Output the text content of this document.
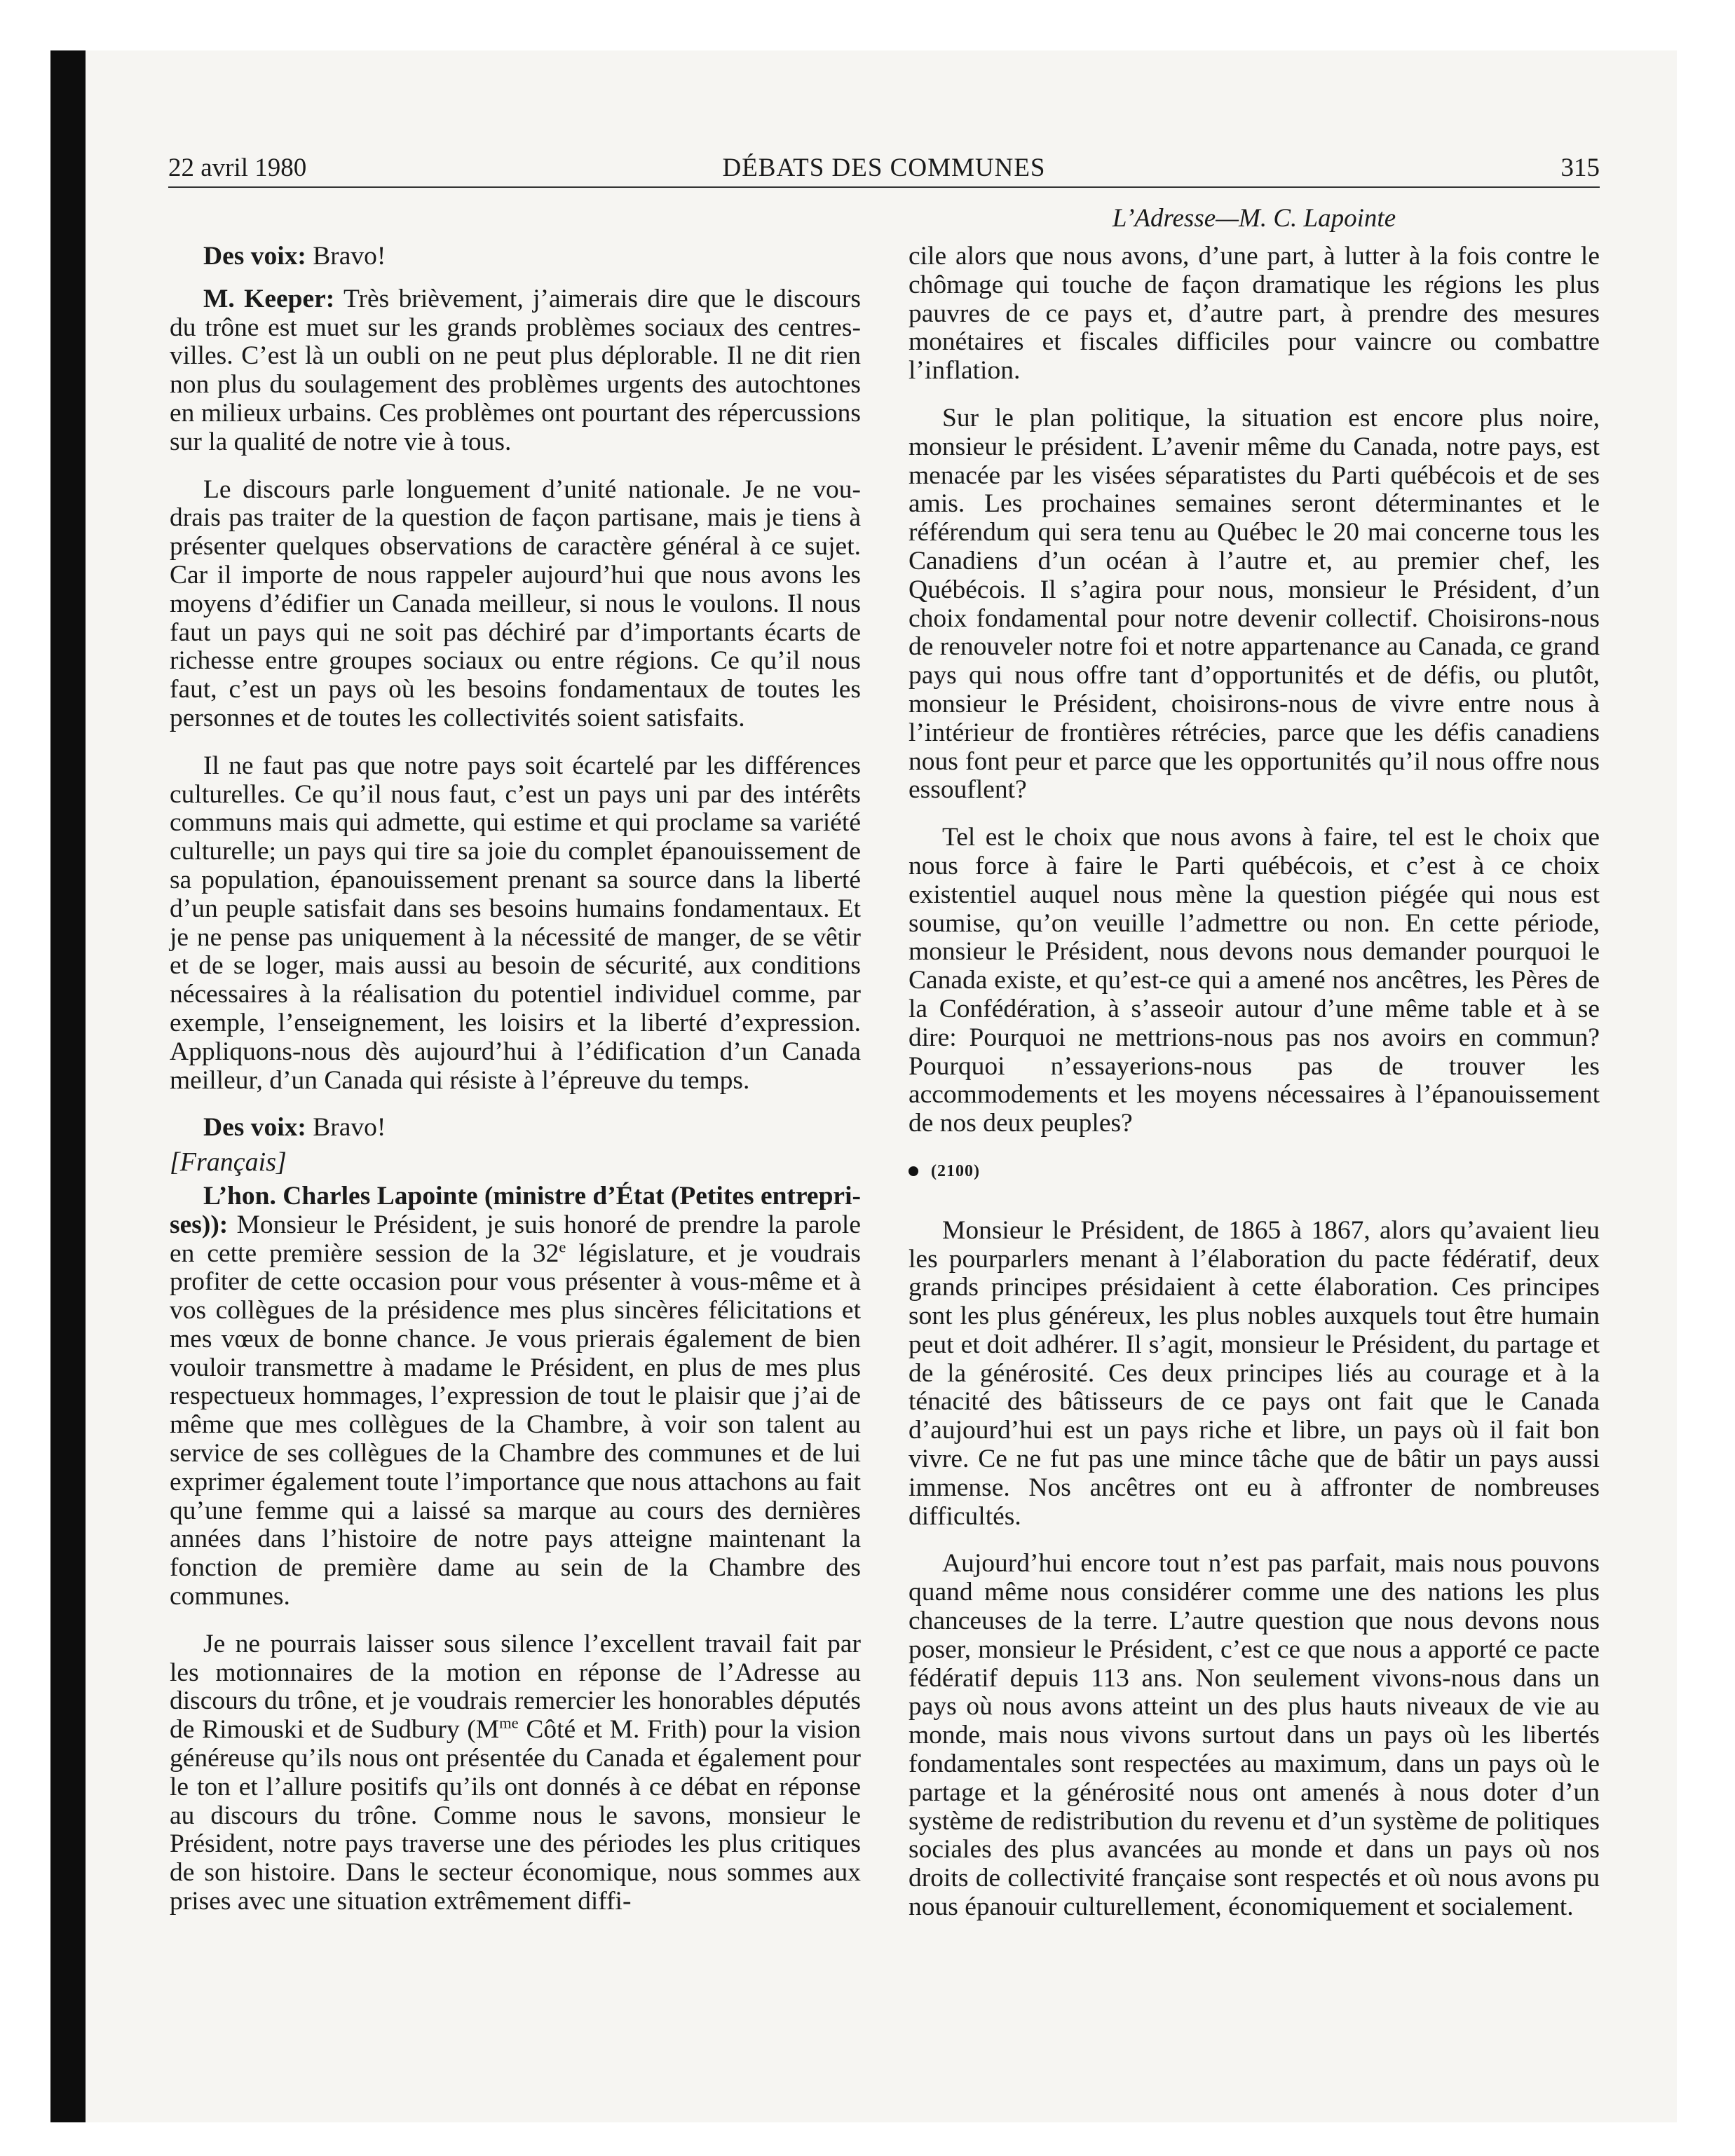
22 avril 1980	DÉBATS DES COMMUNES	315
L’Adresse—M. C. Lapointe

Des voix: Bravo!

M. Keeper: Très brièvement, j’aimerais dire que le discours du trône est muet sur les grands problèmes sociaux des centres-villes. C’est là un oubli on ne peut plus déplorable. Il ne dit rien non plus du soulagement des problèmes urgents des autochtones en milieux urbains. Ces problèmes ont pourtant des répercussions sur la qualité de notre vie à tous.

Le discours parle longuement d’unité nationale. Je ne voudrais pas traiter de la question de façon partisane, mais je tiens à présenter quelques observations de caractère général à ce sujet. Car il importe de nous rappeler aujourd’hui que nous avons les moyens d’édifier un Canada meilleur, si nous le voulons. Il nous faut un pays qui ne soit pas déchiré par d’importants écarts de richesse entre groupes sociaux ou entre régions. Ce qu’il nous faut, c’est un pays où les besoins fondamentaux de toutes les personnes et de toutes les collectivités soient satisfaits.

Il ne faut pas que notre pays soit écartelé par les différences culturelles. Ce qu’il nous faut, c’est un pays uni par des intérêts communs mais qui admette, qui estime et qui proclame sa variété culturelle; un pays qui tire sa joie du complet épanouissement de sa population, épanouissement prenant sa source dans la liberté d’un peuple satisfait dans ses besoins humains fondamentaux. Et je ne pense pas uniquement à la nécessité de manger, de se vêtir et de se loger, mais aussi au besoin de sécurité, aux conditions nécessaires à la réalisation du potentiel individuel comme, par exemple, l’enseignement, les loisirs et la liberté d’expression. Appliquons-nous dès aujourd’hui à l’édification d’un Canada meilleur, d’un Canada qui résiste à l’épreuve du temps.

Des voix: Bravo!

[Français]

L’hon. Charles Lapointe (ministre d’État (Petites entreprises)): Monsieur le Président, je suis honoré de prendre la parole en cette première session de la 32e législature, et je voudrais profiter de cette occasion pour vous présenter à vous-même et à vos collègues de la présidence mes plus sincères félicitations et mes vœux de bonne chance. Je vous prierais également de bien vouloir transmettre à madame le Président, en plus de mes plus respectueux hommages, l’expression de tout le plaisir que j’ai de même que mes collègues de la Chambre, à voir son talent au service de ses collègues de la Chambre des communes et de lui exprimer également toute l’importance que nous attachons au fait qu’une femme qui a laissé sa marque au cours des dernières années dans l’histoire de notre pays atteigne maintenant la fonction de première dame au sein de la Chambre des communes.

Je ne pourrais laisser sous silence l’excellent travail fait par les motionnaires de la motion en réponse de l’Adresse au discours du trône, et je voudrais remercier les honorables députés de Rimouski et de Sudbury ($M^{me}$ Côté et M. Frith) pour la vision généreuse qu’ils nous ont présentée du Canada et également pour le ton et l’allure positifs qu’ils ont donnés à ce débat en réponse au discours du trône. Comme nous le savons, monsieur le Président, notre pays traverse une des périodes les plus critiques de son histoire. Dans le secteur économique, nous sommes aux prises avec une situation extrêmement diffi-

cile alors que nous avons, d’une part, à lutter à la fois contre le chômage qui touche de façon dramatique les régions les plus pauvres de ce pays et, d’autre part, à prendre des mesures monétaires et fiscales difficiles pour vaincre ou combattre l’inflation.

Sur le plan politique, la situation est encore plus noire, monsieur le président. L’avenir même du Canada, notre pays, est menacée par les visées séparatistes du Parti québécois et de ses amis. Les prochaines semaines seront déterminantes et le référendum qui sera tenu au Québec le 20 mai concerne tous les Canadiens d’un océan à l’autre et, au premier chef, les Québécois. Il s’agira pour nous, monsieur le Président, d’un choix fondamental pour notre devenir collectif. Choisirons-nous de renouveler notre foi et notre appartenance au Canada, ce grand pays qui nous offre tant d’opportunités et de défis, ou plutôt, monsieur le Président, choisirons-nous de vivre entre nous à l’intérieur de frontières rétrécies, parce que les défis canadiens nous font peur et parce que les opportunités qu’il nous offre nous essouflent?

Tel est le choix que nous avons à faire, tel est le choix que nous force à faire le Parti québécois, et c’est à ce choix existentiel auquel nous mène la question piégée qui nous est soumise, qu’on veuille l’admettre ou non. En cette période, monsieur le Président, nous devons nous demander pourquoi le Canada existe, et qu’est-ce qui a amené nos ancêtres, les Pères de la Confédération, à s’asseoir autour d’une même table et à se dire: Pourquoi ne mettrions-nous pas nos avoirs en commun? Pourquoi n’essayerions-nous pas de trouver les accommodements et les moyens nécessaires à l’épanouissement de nos deux peuples?

(2100)

Monsieur le Président, de 1865 à 1867, alors qu’avaient lieu les pourparlers menant à l’élaboration du pacte fédératif, deux grands principes présidaient à cette élaboration. Ces principes sont les plus généreux, les plus nobles auxquels tout être humain peut et doit adhérer. Il s’agit, monsieur le Président, du partage et de la générosité. Ces deux principes liés au courage et à la ténacité des bâtisseurs de ce pays ont fait que le Canada d’aujourd’hui est un pays riche et libre, un pays où il fait bon vivre. Ce ne fut pas une mince tâche que de bâtir un pays aussi immense. Nos ancêtres ont eu à affronter de nombreuses difficultés.

Aujourd’hui encore tout n’est pas parfait, mais nous pouvons quand même nous considérer comme une des nations les plus chanceuses de la terre. L’autre question que nous devons nous poser, monsieur le Président, c’est ce que nous a apporté ce pacte fédératif depuis 113 ans. Non seulement vivons-nous dans un pays où nous avons atteint un des plus hauts niveaux de vie au monde, mais nous vivons surtout dans un pays où les libertés fondamentales sont respectées au maximum, dans un pays où le partage et la générosité nous ont amenés à nous doter d’un système de redistribution du revenu et d’un système de politiques sociales des plus avancées au monde et dans un pays où nos droits de collectivité française sont respectés et où nous avons pu nous épanouir culturellement, économiquement et socialement.
